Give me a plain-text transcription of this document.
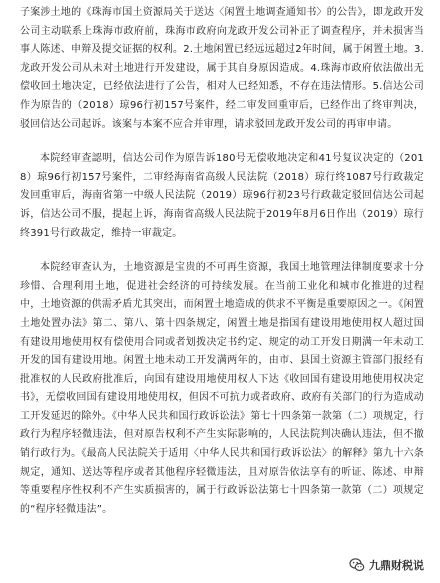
子案涉土地的《珠海市国土资源局关于送达〈闲置土地调查通知书〉的公告》，即龙政开发公司主动联系上珠海市政府前，珠海市政府向龙政开发公司补正了调查程序，并未损害当事人陈述、申辩及提交证据的权利。2.土地闲置已经远远超过2年时间，属于闲置土地。3.龙政开发公司从未对土地进行开发建设，属于其自身原因造成。4.珠海市政府依法做出无偿收回土地决定，已经依法进行了公告，相对人已经知悉，不存在违法情形。5.信达公司作为原告的（2018）琼96行初157号案件，经二审发回重审后，已经作出了终审判决，驳回信达公司起诉。该案与本案不应合并审理，请求驳回龙政开发公司的再审申请。

本院经审查認明，信达公司作为原告诉180号无偿收地决定和41号复议决定的（2018）琼96行初157号案件，二审经海南省高级人民法院（2018）琼行终1087号行政裁定发回重审后，海南省第一中级人民法院（2019）琼96行初23号行政裁定驳回信达公司起诉，信达公司不服，提起上诉，海南省高级人民法院于2019年8月6日作出（2019）琼行终391号行政裁定，维持一审裁定。

本院经审查认为，土地资源是宝贵的不可再生资源，我国土地管理法律制度要求十分珍惜、合理利用土地，促进社会经济的可持续发展。在当前工业化和城市化推进的过程中，土地资源的供需矛盾尤其突出，而闲置土地造成的供求不平衡是重要原因之一。《闲置土地处置办法》第二、第八、第十四条规定，闲置土地是指国有建设用地使用权人超过国有建设用地使用权有偿使用合同或者划拨决定书约定、规定的动工开发日期满一年未动工开发的国有建设用地。闲置土地未动工开发满两年的，由市、县国土资源主管部门报经有批准权的人民政府批准后，向国有建设用地使用权人下达《收回国有建设用地使用权决定书》，无偿收回国有建设用地使用权，但因不可抗力或者政府、政府有关部门的行为造成动工开发延迟的除外。《中华人民共和国行政诉讼法》第七十四条第一款第（二）项规定，行政行为程序轻微违法，但对原告权利不产生实际影响的，人民法院判决确认违法，但不撤销行政行为。《最高人民法院关于适用〈中华人民共和国行政诉讼法〉的解释》第九十六条规定，通知、送达等程序或者其他程序轻微违法，且对原告依法享有的听证、陈述、申辩等重要程序性权利不产生实质损害的，属于行政诉讼法第七十四条第一款第（二）项规定的“程序轻微违法”。

九鼎财税说
